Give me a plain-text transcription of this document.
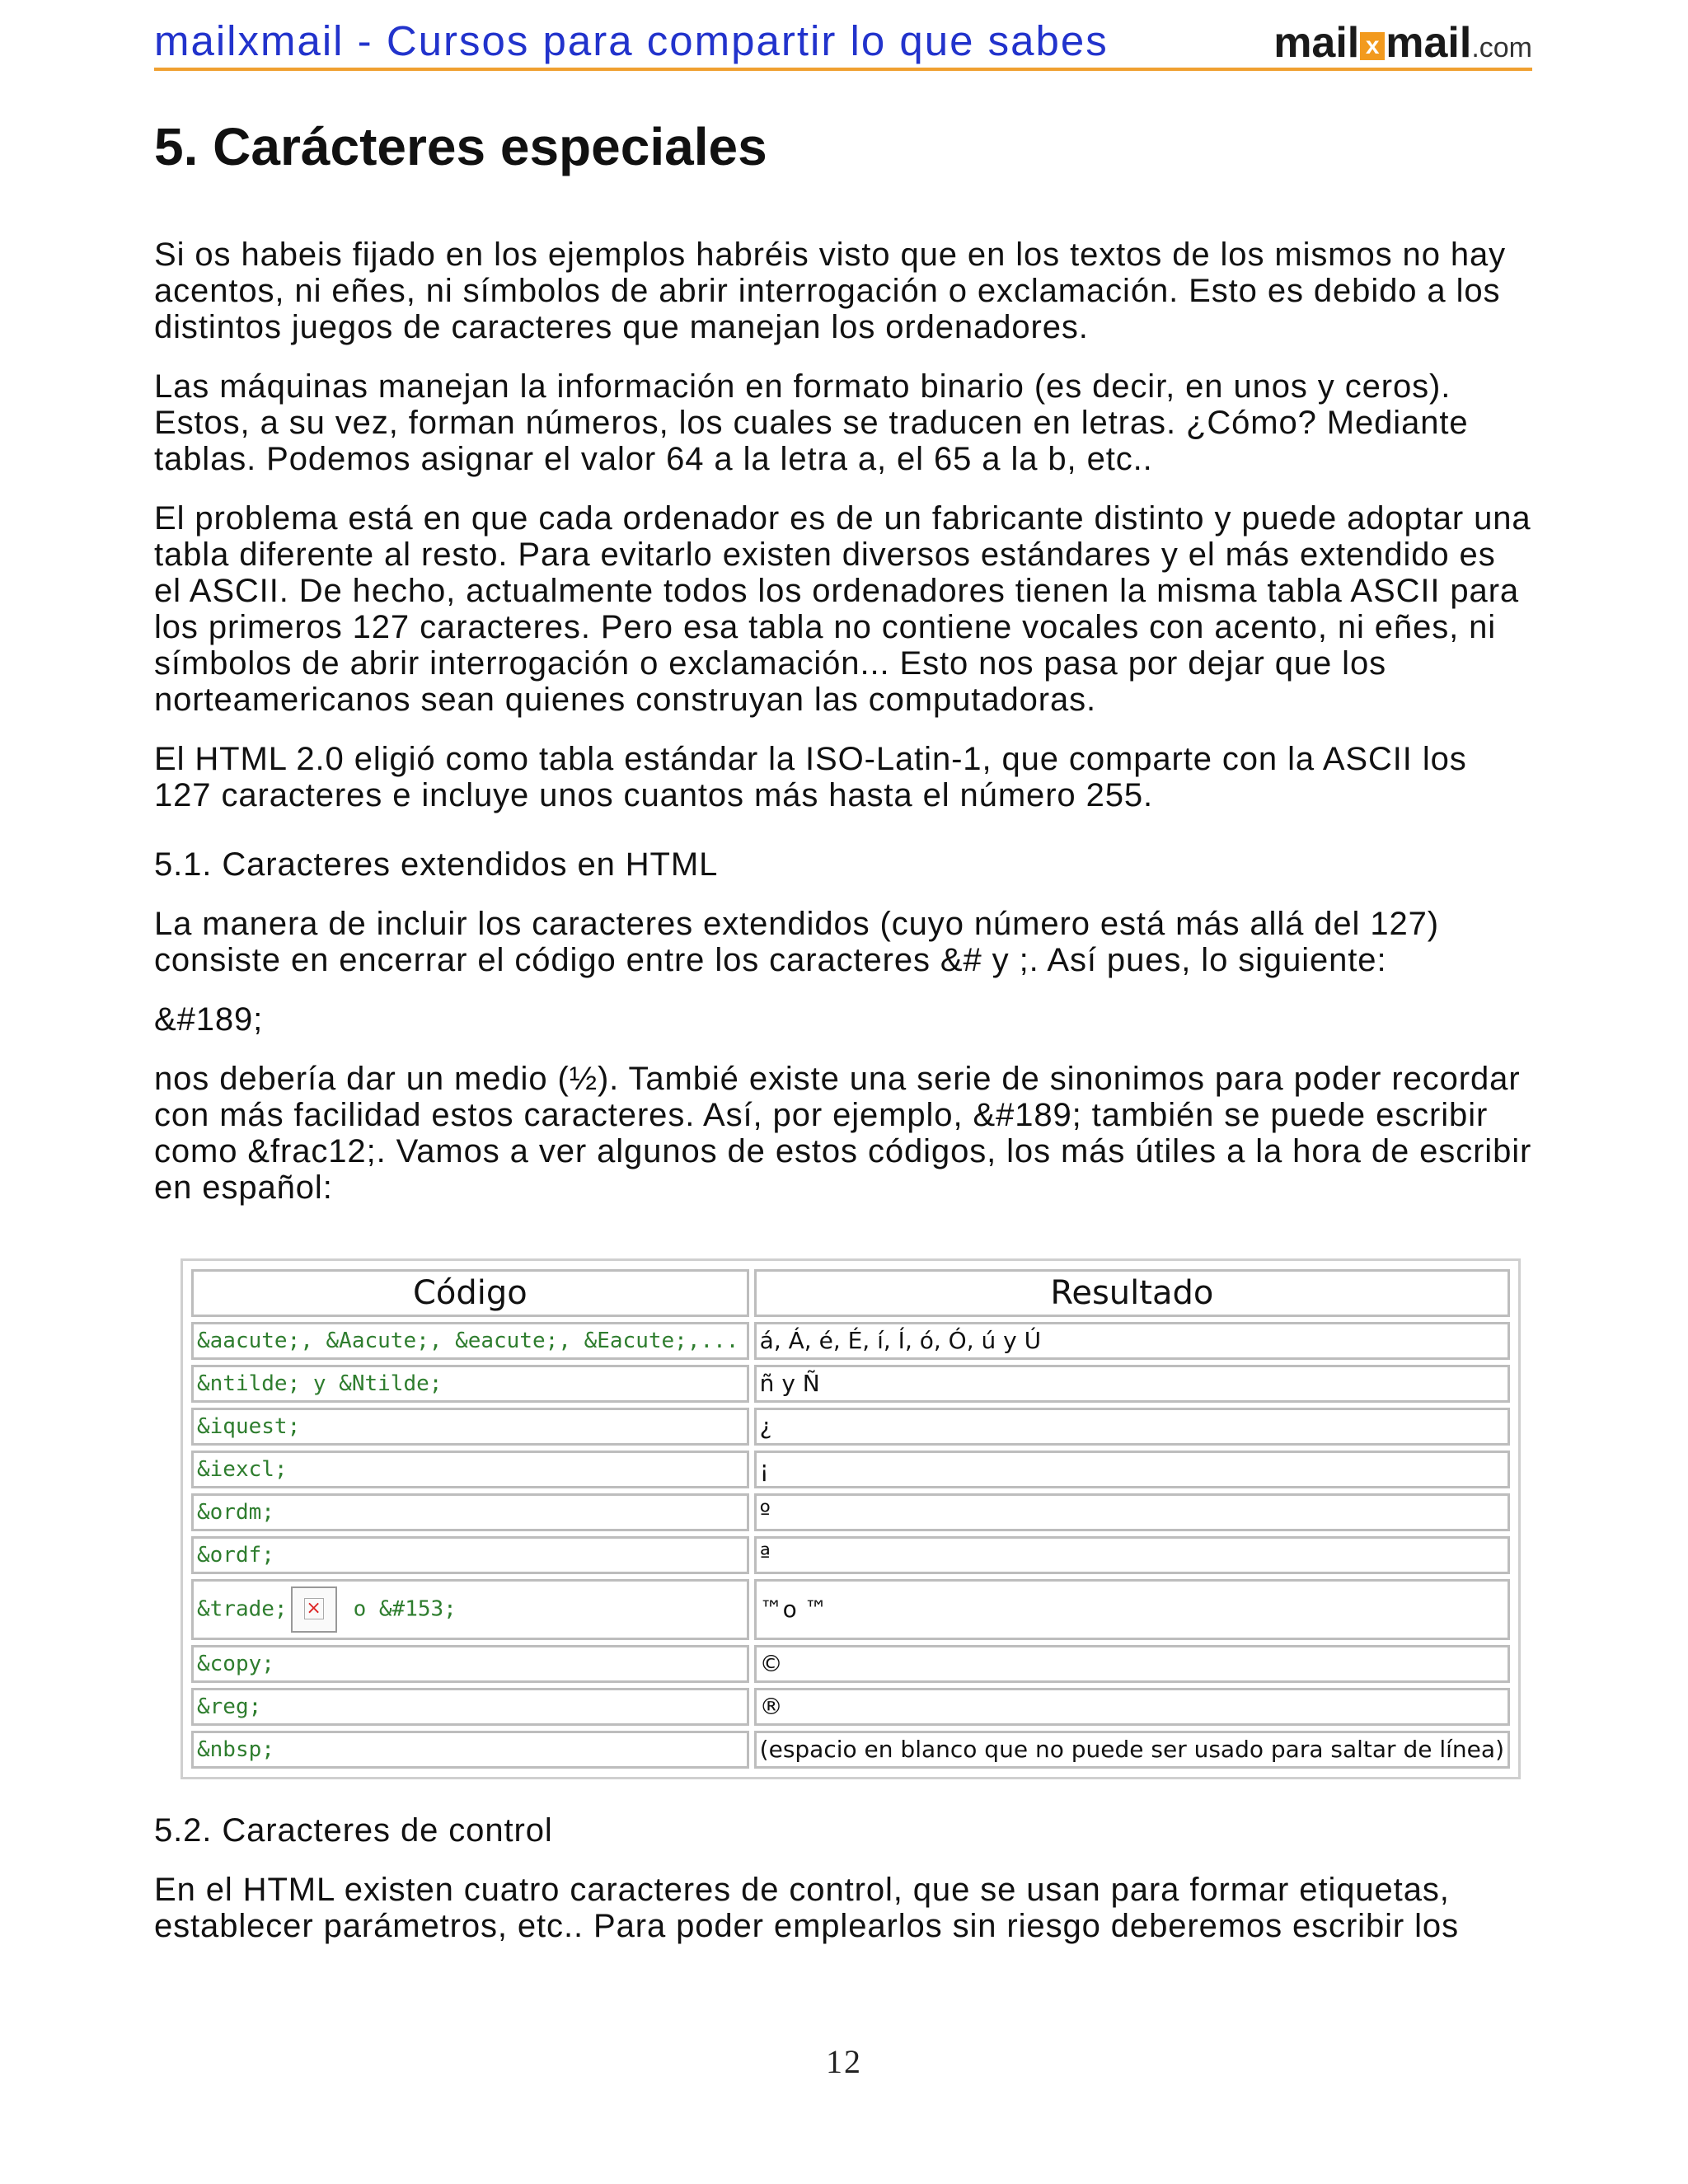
mailxmail - Cursos para compartir lo que sabes	mail x mail.com
5. Carácteres especiales

Si os habeis fijado en los ejemplos habréis visto que en los textos de los mismos no hay acentos, ni eñes, ni símbolos de abrir interrogación o exclamación. Esto es debido a los distintos juegos de caracteres que manejan los ordenadores.

Las máquinas manejan la información en formato binario (es decir, en unos y ceros). Estos, a su vez, forman números, los cuales se traducen en letras. ¿Cómo? Mediante tablas. Podemos asignar el valor 64 a la letra a, el 65 a la b, etc..

El problema está en que cada ordenador es de un fabricante distinto y puede adoptar una tabla diferente al resto. Para evitarlo existen diversos estándares y el más extendido es el ASCII. De hecho, actualmente todos los ordenadores tienen la misma tabla ASCII para los primeros 127 caracteres. Pero esa tabla no contiene vocales con acento, ni eñes, ni símbolos de abrir interrogación o exclamación... Esto nos pasa por dejar que los norteamericanos sean quienes construyan las computadoras.

El HTML 2.0 eligió como tabla estándar la ISO-Latin-1, que comparte con la ASCII los 127 caracteres e incluye unos cuantos más hasta el número 255.

5.1. Caracteres extendidos en HTML

La manera de incluir los caracteres extendidos (cuyo número está más allá del 127) consiste en encerrar el código entre los caracteres &# y ;. Así pues, lo siguiente:

&#189;

nos debería dar un medio (½). Tambié existe una serie de sinonimos para poder recordar con más facilidad estos caracteres. Así, por ejemplo, &#189; también se puede escribir como &frac12;. Vamos a ver algunos de estos códigos, los más útiles a la hora de escribir en español:

Código	Resultado
&aacute;, &Aacute;, &eacute;, &Eacute;,...	á, Á, é, É, í, Í, ó, Ó, ú y Ú
&ntilde; y &Ntilde;	ñ y Ñ
&iquest;	¿
&iexcl;	¡
&ordm;	º
&ordf;	ª
&trade; × o &#153;	™o ™
&copy;	©
&reg;	®
&nbsp;	(espacio en blanco que no puede ser usado para saltar de línea)

5.2. Caracteres de control

En el HTML existen cuatro caracteres de control, que se usan para formar etiquetas, establecer parámetros, etc.. Para poder emplearlos sin riesgo deberemos escribir los

12
